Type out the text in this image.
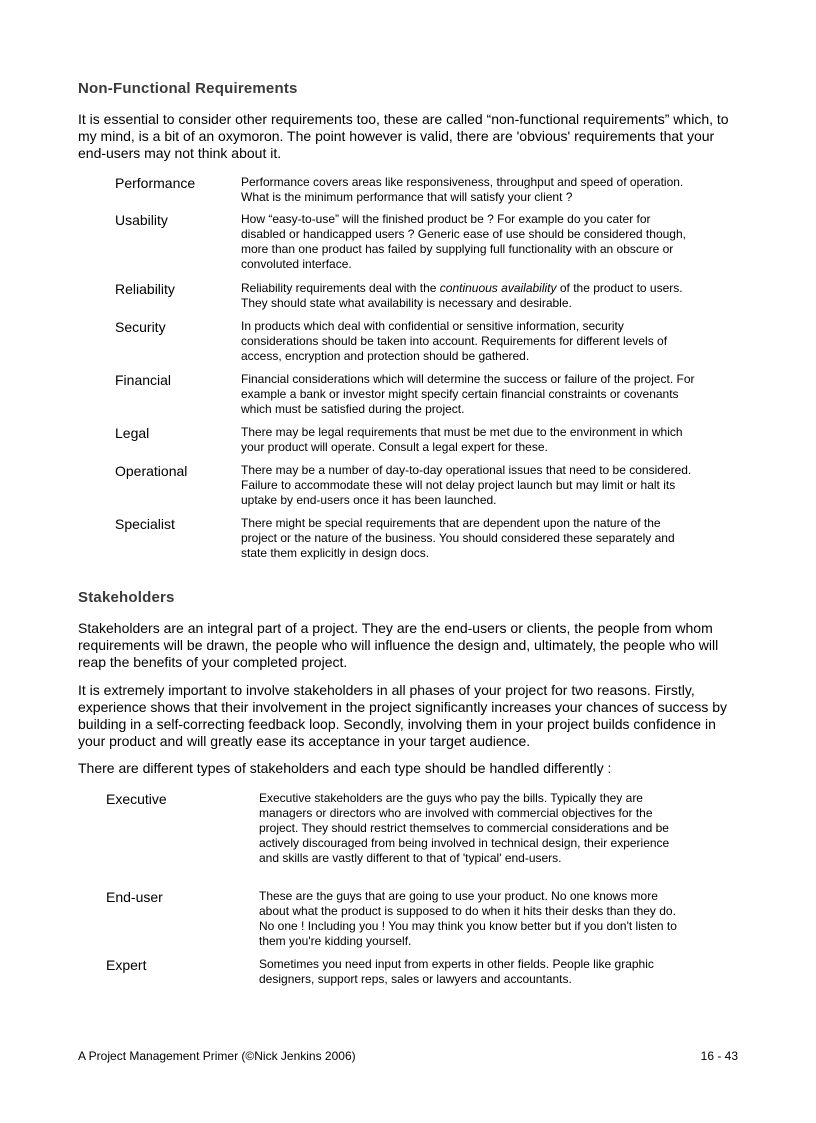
Non-Functional Requirements

It is essential to consider other requirements too, these are called “non-functional requirements” which, to my mind, is a bit of an oxymoron. The point however is valid, there are 'obvious' requirements that your end-users may not think about it.

Performance	Performance covers areas like responsiveness, throughput and speed of operation. What is the minimum performance that will satisfy your client ?
Usability	How “easy-to-use” will the finished product be ? For example do you cater for disabled or handicapped users ? Generic ease of use should be considered though, more than one product has failed by supplying full functionality with an obscure or convoluted interface.
Reliability	Reliability requirements deal with the continuous availability of the product to users. They should state what availability is necessary and desirable.
Security	In products which deal with confidential or sensitive information, security considerations should be taken into account. Requirements for different levels of access, encryption and protection should be gathered.
Financial	Financial considerations which will determine the success or failure of the project. For example a bank or investor might specify certain financial constraints or covenants which must be satisfied during the project.
Legal	There may be legal requirements that must be met due to the environment in which your product will operate. Consult a legal expert for these.
Operational	There may be a number of day-to-day operational issues that need to be considered. Failure to accommodate these will not delay project launch but may limit or halt its uptake by end-users once it has been launched.
Specialist	There might be special requirements that are dependent upon the nature of the project or the nature of the business. You should considered these separately and state them explicitly in design docs.
Stakeholders

Stakeholders are an integral part of a project. They are the end-users or clients, the people from whom requirements will be drawn, the people who will influence the design and, ultimately, the people who will reap the benefits of your completed project.

It is extremely important to involve stakeholders in all phases of your project for two reasons. Firstly, experience shows that their involvement in the project significantly increases your chances of success by building in a self-correcting feedback loop. Secondly, involving them in your project builds confidence in your product and will greatly ease its acceptance in your target audience.

There are different types of stakeholders and each type should be handled differently :

Executive	Executive stakeholders are the guys who pay the bills. Typically they are managers or directors who are involved with commercial objectives for the project. They should restrict themselves to commercial considerations and be actively discouraged from being involved in technical design, their experience and skills are vastly different to that of 'typical' end-users.
End-user	These are the guys that are going to use your product. No one knows more about what the product is supposed to do when it hits their desks than they do. No one ! Including you ! You may think you know better but if you don't listen to them you're kidding yourself.
Expert	Sometimes you need input from experts in other fields. People like graphic designers, support reps, sales or lawyers and accountants.
A Project Management Primer (©Nick Jenkins 2006)	16 - 43
